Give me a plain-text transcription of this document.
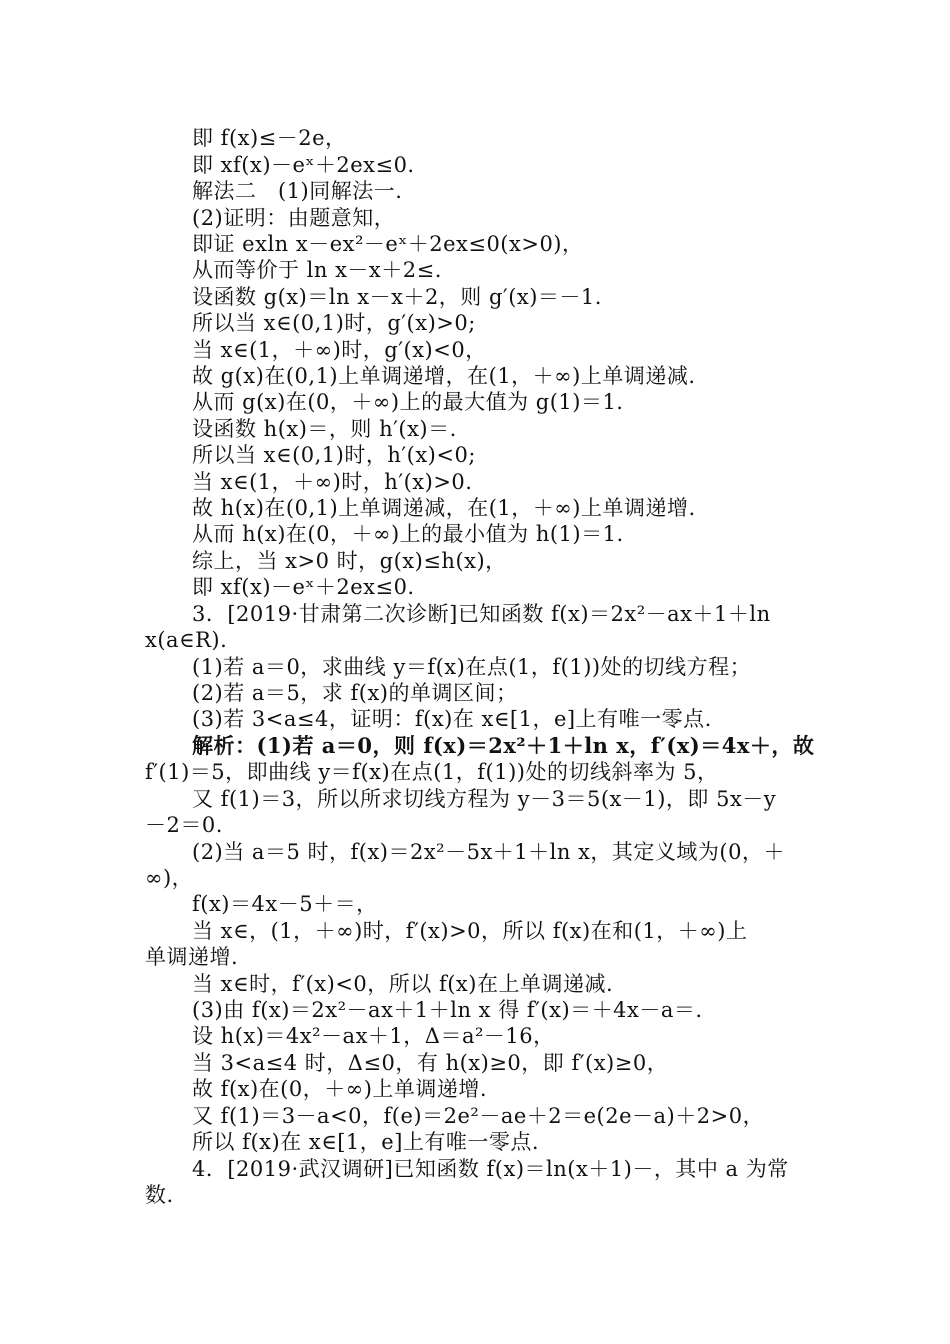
即 f(x)≤－2e，
即 xf(x)－eˣ＋2ex≤0.
解法二　(1)同解法一.
(2)证明：由题意知，
即证 exln x－ex²－eˣ＋2ex≤0(x>0)，
从而等价于 ln x－x＋2≤.
设函数 g(x)＝ln x－x＋2，则 g′(x)＝－1.
所以当 x∈(0,1)时，g′(x)>0;
当 x∈(1，＋∞)时，g′(x)<0，
故 g(x)在(0,1)上单调递增，在(1，＋∞)上单调递减.
从而 g(x)在(0，＋∞)上的最大值为 g(1)＝1.
设函数 h(x)＝，则 h′(x)＝.
所以当 x∈(0,1)时，h′(x)<0;
当 x∈(1，＋∞)时，h′(x)>0.
故 h(x)在(0,1)上单调递减，在(1，＋∞)上单调递增.
从而 h(x)在(0，＋∞)上的最小值为 h(1)＝1.
综上，当 x>0 时，g(x)≤h(x)，
即 xf(x)－eˣ＋2ex≤0.
3．[2019·甘肃第二次诊断]已知函数 f(x)＝2x²－ax＋1＋ln
x(a∈R).
(1)若 a＝0，求曲线 y＝f(x)在点(1，f(1))处的切线方程；
(2)若 a＝5，求 f(x)的单调区间；
(3)若 3<a≤4，证明：f(x)在 x∈[1，e]上有唯一零点.
解析：(1)若 a＝0，则 f(x)＝2x²＋1＋ln x，f′(x)＝4x＋，故
f′(1)＝5，即曲线 y＝f(x)在点(1，f(1))处的切线斜率为 5，
又 f(1)＝3，所以所求切线方程为 y－3＝5(x－1)，即 5x－y
－2＝0.
(2)当 a＝5 时，f(x)＝2x²－5x＋1＋ln x，其定义域为(0，＋
∞)，
f(x)＝4x－5＋＝，
当 x∈，(1，＋∞)时，f′(x)>0，所以 f(x)在和(1，＋∞)上
单调递增.
当 x∈时，f′(x)<0，所以 f(x)在上单调递减.
(3)由 f(x)＝2x²－ax＋1＋ln x 得 f′(x)＝＋4x－a＝.
设 h(x)＝4x²－ax＋1，Δ＝a²－16，
当 3<a≤4 时，Δ≤0，有 h(x)≥0，即 f′(x)≥0，
故 f(x)在(0，＋∞)上单调递增.
又 f(1)＝3－a<0，f(e)＝2e²－ae＋2＝e(2e－a)＋2>0，
所以 f(x)在 x∈[1，e]上有唯一零点.
4．[2019·武汉调研]已知函数 f(x)＝ln(x＋1)－，其中 a 为常
数.
